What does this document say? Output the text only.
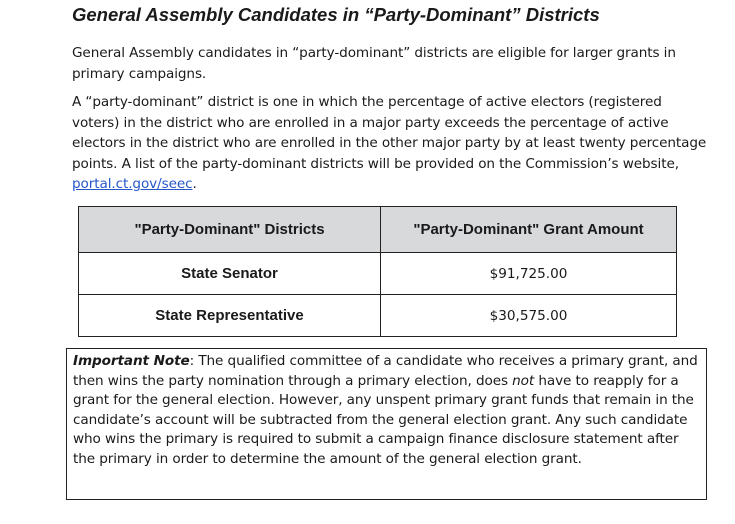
General Assembly Candidates in “Party-Dominant” Districts
General Assembly candidates in “party-dominant” districts are eligible for larger grants in primary campaigns.
A “party-dominant” district is one in which the percentage of active electors (registered voters) in the district who are enrolled in a major party exceeds the percentage of active electors in the district who are enrolled in the other major party by at least twenty percentage points. A list of the party-dominant districts will be provided on the Commission’s website, portal.ct.gov/seec.
"Party-Dominant" Districts	"Party-Dominant" Grant Amount
State Senator	$91,725.00
State Representative	$30,575.00
Important Note: The qualified committee of a candidate who receives a primary grant, and then wins the party nomination through a primary election, does not have to reapply for a grant for the general election. However, any unspent primary grant funds that remain in the candidate’s account will be subtracted from the general election grant. Any such candidate who wins the primary is required to submit a campaign finance disclosure statement after the primary in order to determine the amount of the general election grant.
